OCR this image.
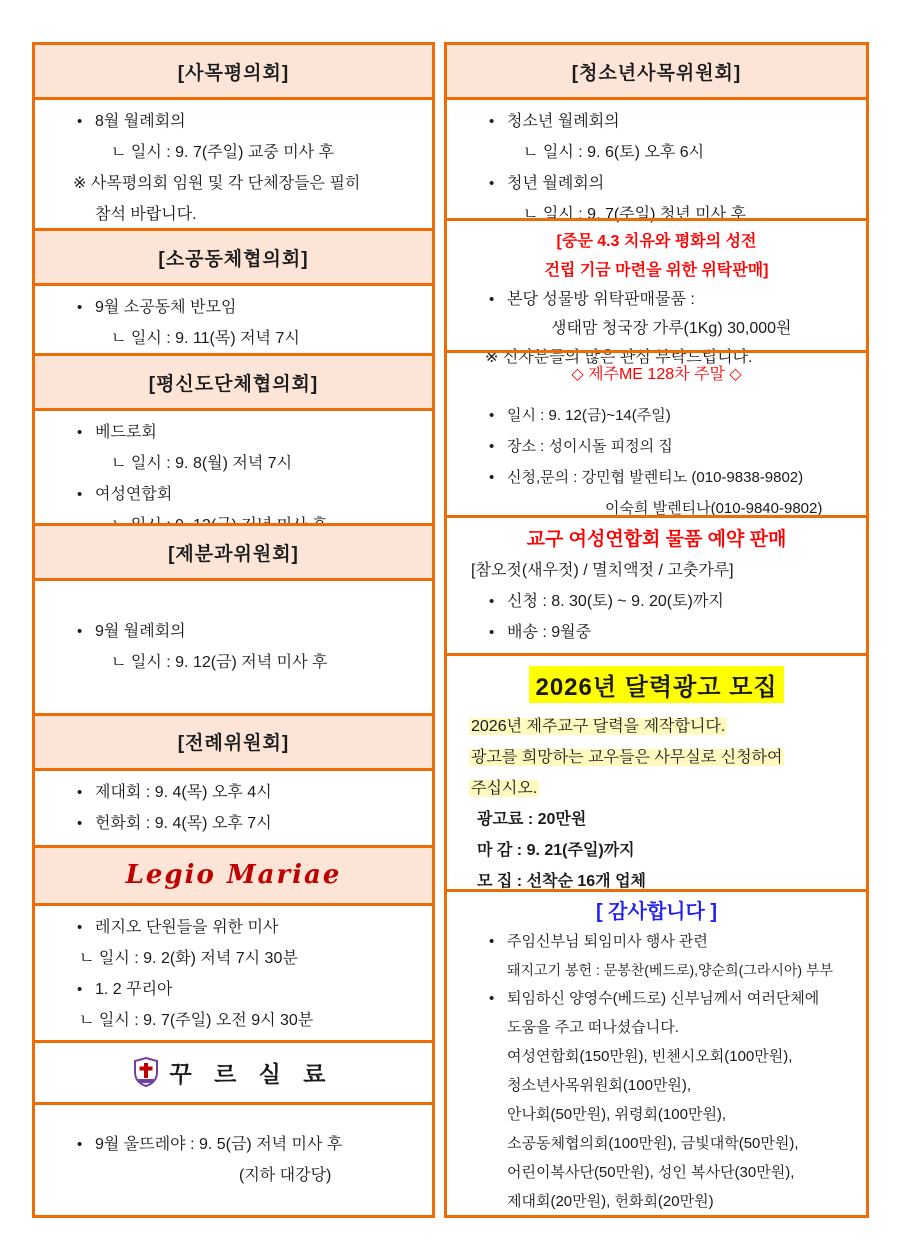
[사목평의회]
• 8월 월례회의
ㄴ 일시 : 9. 7(주일) 교중 미사 후
※ 사목평의회 임원 및 각 단체장들은 필히
참석 바랍니다.
[소공동체협의회]
• 9월 소공동체 반모임
ㄴ 일시 : 9. 11(목) 저녁 7시
[평신도단체협의회]
• 베드로회
ㄴ 일시 : 9. 8(월) 저녁 7시
• 여성연합회
[제분과위원회]
• 9월 월례회의
ㄴ 일시 : 9. 12(금) 저녁 미사 후
[전례위원회]
• 제대회 : 9. 4(목) 오후 4시
• 헌화회 : 9. 4(목) 오후 7시
Legio Mariae
• 레지오 단원들을 위한 미사
ㄴ 일시 : 9. 2(화) 저녁 7시 30분
• 1. 2 꾸리아
ㄴ 일시 : 9. 7(주일) 오전 9시 30분
꾸 르 실 료
• 9월 울뜨레야 : 9. 5(금) 저녁 미사 후
(지하 대강당)
[청소년사목위원회]
• 청소년 월례회의
ㄴ 일시 : 9. 6(토) 오후 6시
• 청년 월례회의
ㄴ 일시 : 9. 7(주일) 청년 미사 후
[중문 4.3 치유와 평화의 성전
건립 기금 마련을 위한 위탁판매]
• 본당 성물방 위탁판매물품 :
생태맘 청국장 가루(1Kg) 30,000원
※ 신자분들의 많은 관심 부탁드립니다.
◇ 제주ME 128차 주말 ◇
• 일시 : 9. 12(금)~14(주일)
• 장소 : 성이시돌 피정의 집
• 신청,문의 : 강민협 발렌티노 (010-9838-9802)
이숙희 발렌티나(010-9840-9802)
교구 여성연합회 물품 예약 판매
[참오젓(새우젓) / 멸치액젓 / 고춧가루]
• 신청 : 8. 30(토) ~ 9. 20(토)까지
• 배송 : 9월중
2026년 달력광고 모집
2026년 제주교구 달력을 제작합니다.
광고를 희망하는 교우들은 사무실로 신청하여
주십시오.
광고료 : 20만원
마 감 : 9. 21(주일)까지
모 집 : 선착순 16개 업체
[ 감사합니다 ]
• 주임신부님 퇴임미사 행사 관련
돼지고기 봉헌 : 문봉찬(베드로),양순희(그라시아) 부부
• 퇴임하신 양영수(베드로) 신부님께서 여러단체에
도움을 주고 떠나셨습니다.
여성연합회(150만원), 빈첸시오회(100만원),
청소년사목위원회(100만원),
안나회(50만원), 위령회(100만원),
소공동체협의회(100만원), 금빛대학(50만원),
어린이복사단(50만원), 성인 복사단(30만원),
제대회(20만원), 헌화회(20만원)
